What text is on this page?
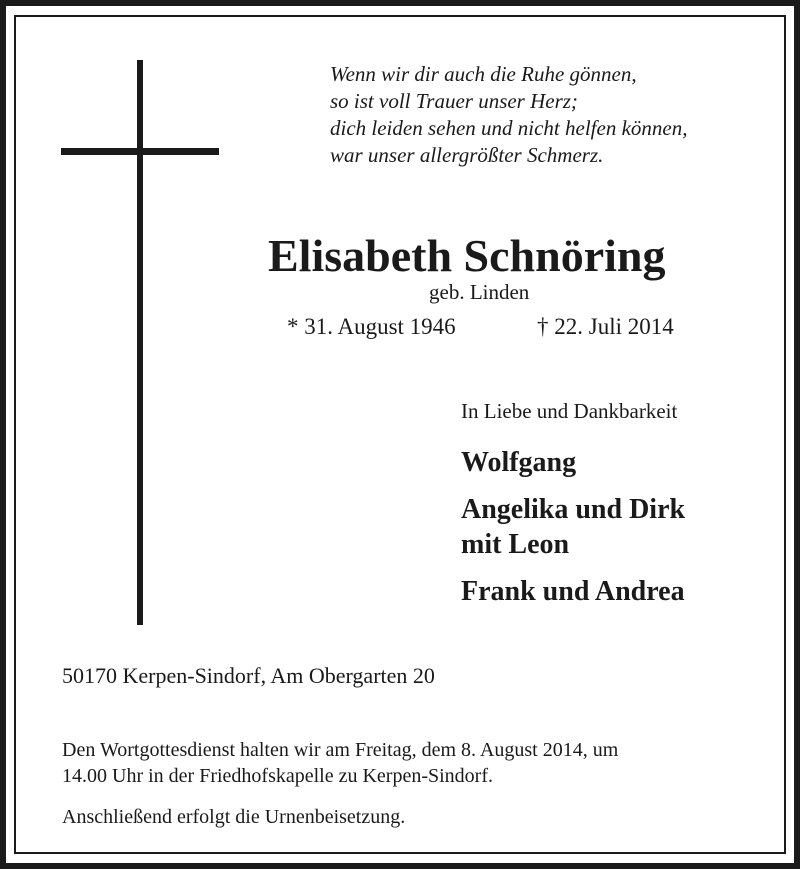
Wenn wir dir auch die Ruhe gönnen,
so ist voll Trauer unser Herz;
dich leiden sehen und nicht helfen können,
war unser allergrößter Schmerz.
Elisabeth Schnöring
geb. Linden
* 31. August 1946	† 22. Juli 2014
In Liebe und Dankbarkeit
Wolfgang
Angelika und Dirk
mit Leon
Frank und Andrea
50170 Kerpen-Sindorf, Am Obergarten 20
Den Wortgottesdienst halten wir am Freitag, dem 8. August 2014, um
14.00 Uhr in der Friedhofskapelle zu Kerpen-Sindorf.
Anschließend erfolgt die Urnenbeisetzung.
